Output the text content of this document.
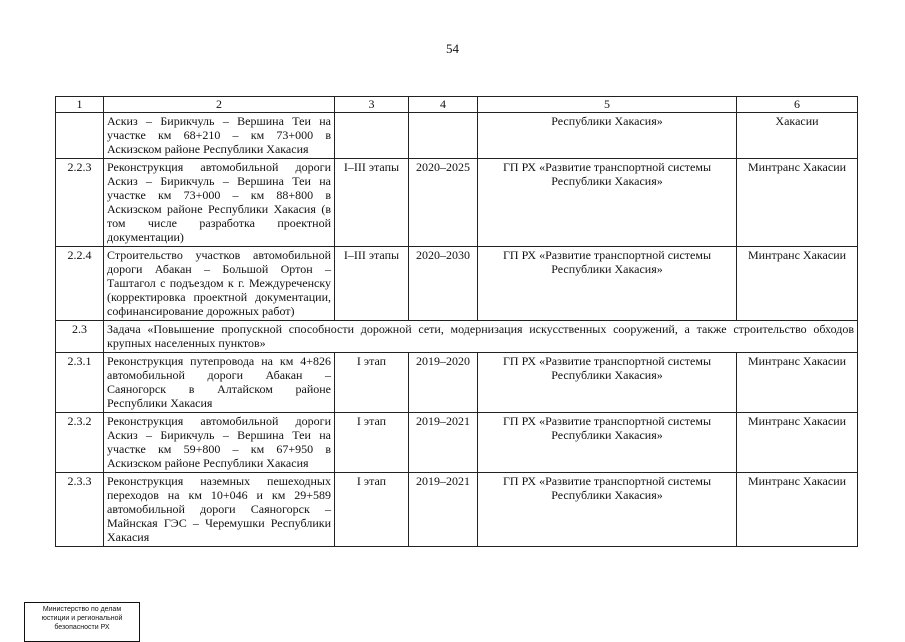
54
1	2	3	4	5	6
	Аскиз – Бирикчуль – Вершина Теи на участке км 68+210 – км 73+000 в Аскизском районе Республики Хакасия			Республики Хакасия»	Хакасии
2.2.3	Реконструкция автомобильной дороги Аскиз – Бирикчуль – Вершина Теи на участке км 73+000 – км 88+800 в Аскизском районе Республики Хакасия (в том числе разработка проектной документации)	I–III этапы	2020–2025	ГП РХ «Развитие транспортной системы Республики Хакасия»	Минтранс Хакасии
2.2.4	Строительство участков автомобильной дороги Абакан – Большой Ортон – Таштагол с подъездом к г. Междуреченску (корректировка проектной документации, софинансирование дорожных работ)	I–III этапы	2020–2030	ГП РХ «Развитие транспортной системы Республики Хакасия»	Минтранс Хакасии
2.3	Задача «Повышение пропускной способности дорожной сети, модернизация искусственных сооружений, а также строительство обходов крупных населенных пунктов»				
2.3.1	Реконструкция путепровода на км 4+826 автомобильной дороги Абакан – Саяногорск в Алтайском районе Республики Хакасия	I этап	2019–2020	ГП РХ «Развитие транспортной системы Республики Хакасия»	Минтранс Хакасии
2.3.2	Реконструкция автомобильной дороги Аскиз – Бирикчуль – Вершина Теи на участке км 59+800 – км 67+950 в Аскизском районе Республики Хакасия	I этап	2019–2021	ГП РХ «Развитие транспортной системы Республики Хакасия»	Минтранс Хакасии
2.3.3	Реконструкция наземных пешеходных переходов на км 10+046 и км 29+589 автомобильной дороги Саяногорск – Майнская ГЭС – Черемушки Республики Хакасия	I этап	2019–2021	ГП РХ «Развитие транспортной системы Республики Хакасия»	Минтранс Хакасии
Министерство по делам
юстиции и региональной
безопасности РХ
